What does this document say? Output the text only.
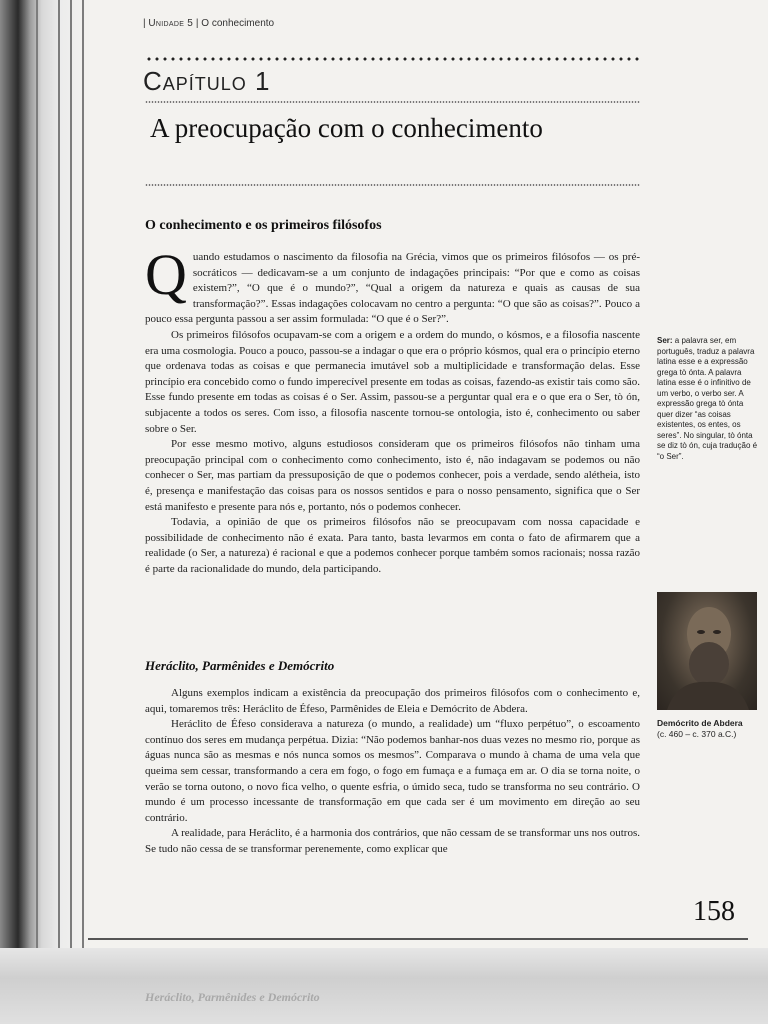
Heráclito, Parmênides e Demócrito
| Unidade 5 | O conhecimento
Capítulo 1
A preocupação com o conhecimento
O conhecimento e os primeiros filósofos

Quando estudamos o nascimento da filosofia na Grécia, vimos que os primeiros filósofos — os pré-socráticos — dedicavam-se a um conjunto de indagações principais: “Por que e como as coisas existem?”, “O que é o mundo?”, “Qual a origem da natureza e quais as causas de sua transformação?”. Essas indagações colocavam no centro a pergunta: “O que são as coisas?”. Pouco a pouco essa pergunta passou a ser assim formulada: “O que é o Ser?”.

Os primeiros filósofos ocupavam-se com a origem e a ordem do mundo, o kósmos, e a filosofia nascente era uma cosmologia. Pouco a pouco, passou-se a indagar o que era o próprio kósmos, qual era o princípio eterno que ordenava todas as coisas e que permanecia imutável sob a multiplicidade e transformação delas. Esse princípio era concebido como o fundo imperecível presente em todas as coisas, fazendo-as existir tais como são. Esse fundo presente em todas as coisas é o Ser. Assim, passou-se a perguntar qual era e o que era o Ser, tò ón, subjacente a todos os seres. Com isso, a filosofia nascente tornou-se ontologia, isto é, conhecimento ou saber sobre o Ser.

Por esse mesmo motivo, alguns estudiosos consideram que os primeiros filósofos não tinham uma preocupação principal com o conhecimento como conhecimento, isto é, não indagavam se podemos ou não conhecer o Ser, mas partiam da pressuposição de que o podemos conhecer, pois a verdade, sendo alétheia, isto é, presença e manifestação das coisas para os nossos sentidos e para o nosso pensamento, significa que o Ser está manifesto e presente para nós e, portanto, nós o podemos conhecer.

Todavia, a opinião de que os primeiros filósofos não se preocupavam com nossa capacidade e possibilidade de conhecimento não é exata. Para tanto, basta levarmos em conta o fato de afirmarem que a realidade (o Ser, a natureza) é racional e que a podemos conhecer porque também somos racionais; nossa razão é parte da racionalidade do mundo, dela participando.

Heráclito, Parmênides e Demócrito

Alguns exemplos indicam a existência da preocupação dos primeiros filósofos com o conhecimento e, aqui, tomaremos três: Heráclito de Éfeso, Parmênides de Eleia e Demócrito de Abdera.

Heráclito de Éfeso considerava a natureza (o mundo, a realidade) um “fluxo perpétuo”, o escoamento contínuo dos seres em mudança perpétua. Dizia: “Não podemos banhar-nos duas vezes no mesmo rio, porque as águas nunca são as mesmas e nós nunca somos os mesmos”. Comparava o mundo à chama de uma vela que queima sem cessar, transformando a cera em fogo, o fogo em fumaça e a fumaça em ar. O dia se torna noite, o verão se torna outono, o novo fica velho, o quente esfria, o úmido seca, tudo se transforma no seu contrário. O mundo é um processo incessante de transformação em que cada ser é um movimento em direção ao seu contrário.

A realidade, para Heráclito, é a harmonia dos contrários, que não cessam de se transformar uns nos outros. Se tudo não cessa de se transformar perenemente, como explicar que

Ser: a palavra ser, em português, traduz a palavra latina esse e a expressão grega tò ónta. A palavra latina esse é o infinitivo de um verbo, o verbo ser. A expressão grega tò ónta quer dizer “as coisas existentes, os entes, os seres”. No singular, tò ónta se diz tò ón, cuja tradução é “o Ser”.
Demócrito de Abdera
(c. 460 – c. 370 a.C.)
158
